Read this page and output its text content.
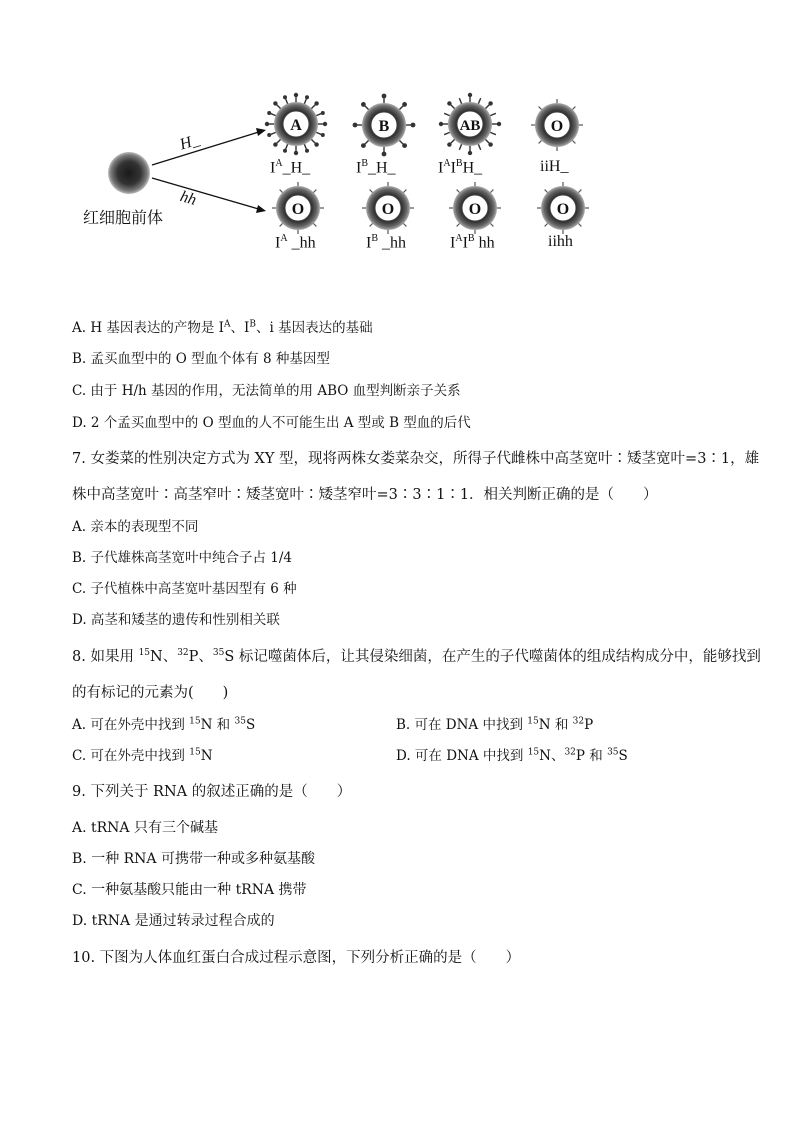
A	B	AB	O
O	O	O	O
H_
hh
红细胞前体
$I^A\_H\_$	$I^B\_H\_$	$I^AI^BH\_$	iiH_
$I^A$ _hh	$I^B$ _hh	$I^AI^B$ hh	iihh
A. H 基因表达的产物是 $I^A$、$I^B$、i 基因表达的基础
B. 孟买血型中的 O 型血个体有 8 种基因型
C. 由于 H/h 基因的作用，无法简单的用 ABO 血型判断亲子关系
D. 2 个孟买血型中的 O 型血的人不可能生出 A 型或 B 型血的后代
7. 女娄菜的性别决定方式为 XY 型，现将两株女娄菜杂交，所得子代雌株中高茎宽叶∶矮茎宽叶=3∶1，雄
株中高茎宽叶∶高茎窄叶∶矮茎宽叶∶矮茎窄叶=3∶3∶1∶1．相关判断正确的是（　　）
A. 亲本的表现型不同
B. 子代雄株高茎宽叶中纯合子占 1/4
C. 子代植株中高茎宽叶基因型有 6 种
D. 高茎和矮茎的遗传和性别相关联
8. 如果用 $^{15}$N、$^{32}$P、$^{35}$S 标记噬菌体后，让其侵染细菌，在产生的子代噬菌体的组成结构成分中，能够找到
的有标记的元素为(　　)
A. 可在外壳中找到 $^{15}$N 和 $^{35}$S	B. 可在 DNA 中找到 $^{15}$N 和 $^{32}$P
C. 可在外壳中找到 $^{15}$N	D. 可在 DNA 中找到 $^{15}$N、$^{32}$P 和 $^{35}$S
9. 下列关于 RNA 的叙述正确的是（　　）
A. tRNA 只有三个碱基
B. 一种 RNA 可携带一种或多种氨基酸
C. 一种氨基酸只能由一种 tRNA 携带
D. tRNA 是通过转录过程合成的
10. 下图为人体血红蛋白合成过程示意图，下列分析正确的是（　　）
